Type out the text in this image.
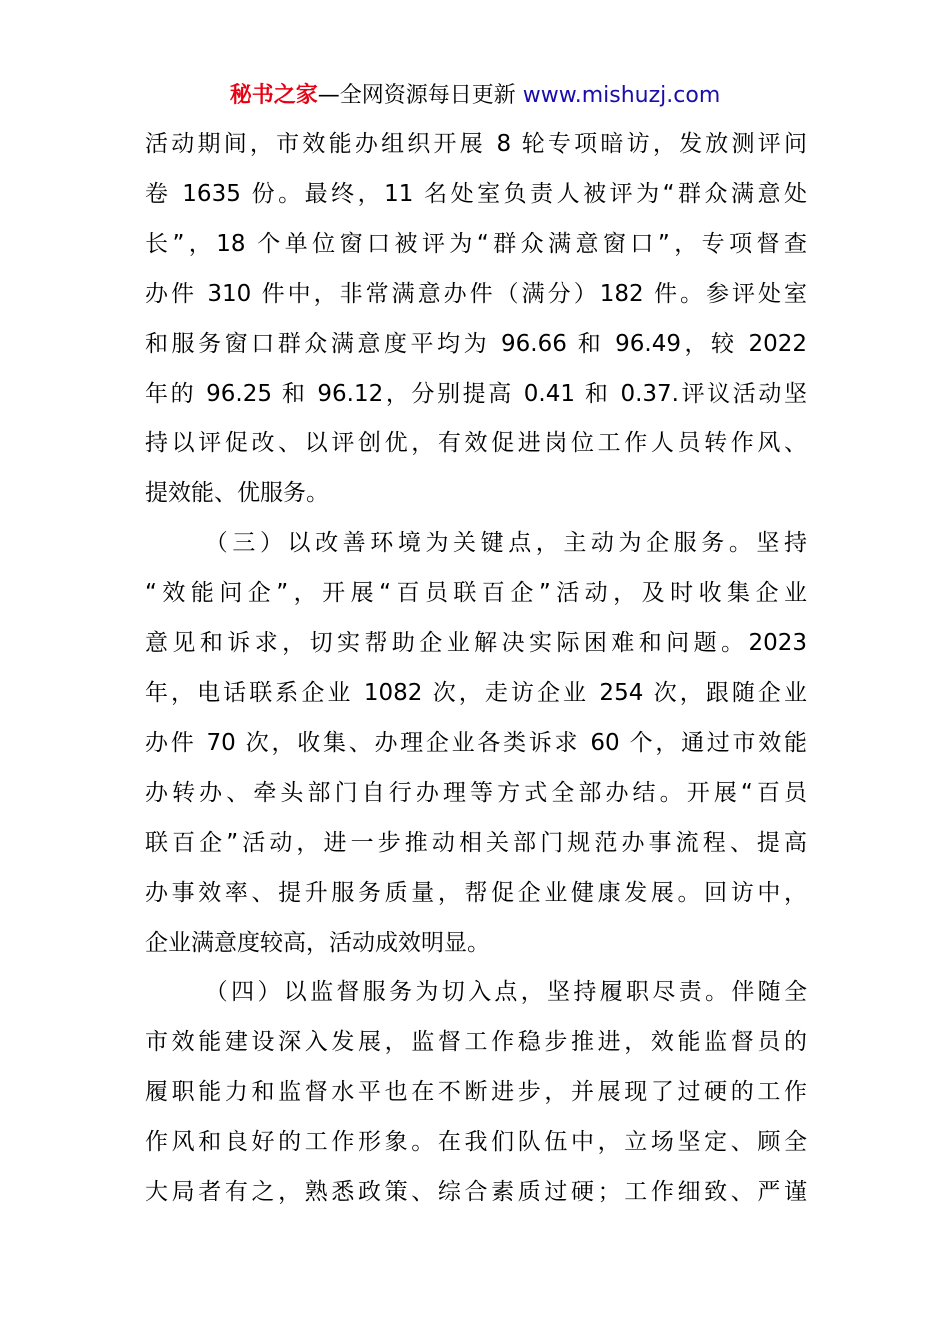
秘书之家—全网资源每日更新 www.mishuzj.com

活动期间，市效能办组织开展 8 轮专项暗访，发放测评问
卷 1635 份。最终，11 名处室负责人被评为“群众满意处
长”，18 个单位窗口被评为“群众满意窗口”，专项督查
办件 310 件中，非常满意办件（满分）182 件。参评处室
和服务窗口群众满意度平均为 96.66 和 96.49，较 2022
年的 96.25 和 96.12，分别提高 0.41 和 0.37.评议活动坚
持以评促改、以评创优，有效促进岗位工作人员转作风、
提效能、优服务。

（三）以改善环境为关键点，主动为企服务。坚持
“效能问企”，开展“百员联百企”活动，及时收集企业
意见和诉求，切实帮助企业解决实际困难和问题。2023
年，电话联系企业 1082 次，走访企业 254 次，跟随企业
办件 70 次，收集、办理企业各类诉求 60 个，通过市效能
办转办、牵头部门自行办理等方式全部办结。开展“百员
联百企”活动，进一步推动相关部门规范办事流程、提高
办事效率、提升服务质量，帮促企业健康发展。回访中，
企业满意度较高，活动成效明显。

（四）以监督服务为切入点，坚持履职尽责。伴随全
市效能建设深入发展，监督工作稳步推进，效能监督员的
履职能力和监督水平也在不断进步，并展现了过硬的工作
作风和良好的工作形象。在我们队伍中，立场坚定、顾全
大局者有之，熟悉政策、综合素质过硬；工作细致、严谨
